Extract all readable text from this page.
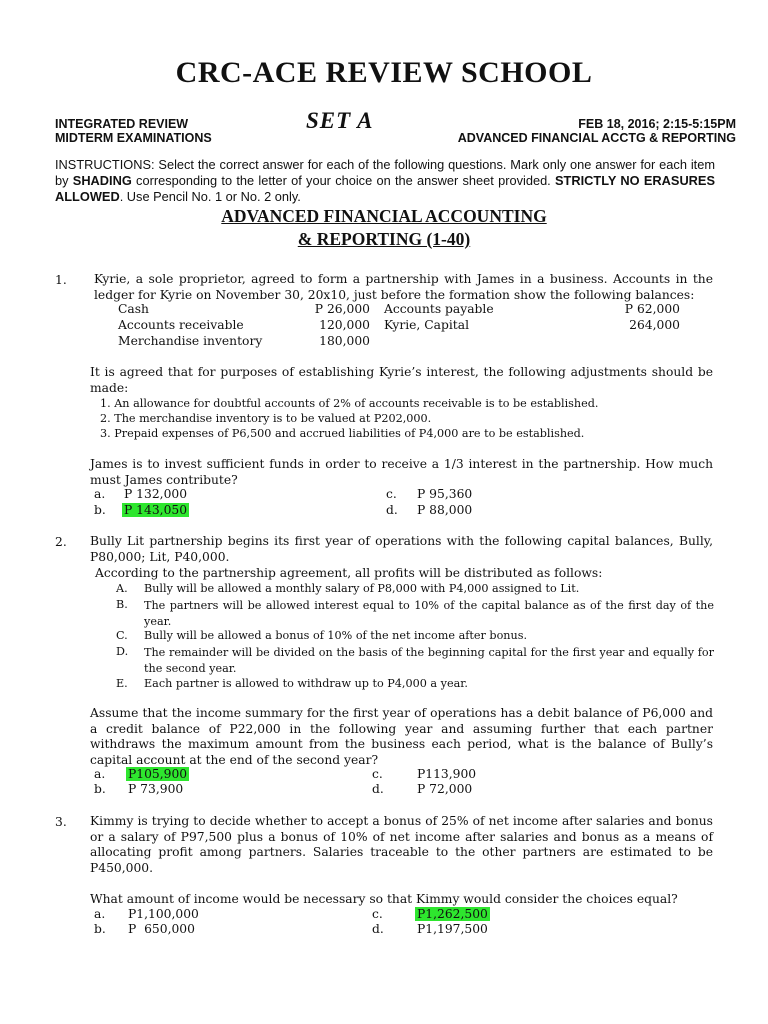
CRC-ACE REVIEW SCHOOL
INTEGRATED REVIEW
MIDTERM EXAMINATIONS
SET A	FEB 18, 2016; 2:15-5:15PM
ADVANCED FINANCIAL ACCTG & REPORTING
INSTRUCTIONS: Select the correct answer for each of the following questions. Mark only one answer for each item by SHADING corresponding to the letter of your choice on the answer sheet provided. STRICTLY NO ERASURES ALLOWED. Use Pencil No. 1 or No. 2 only.
ADVANCED FINANCIAL ACCOUNTING
& REPORTING (1-40)
1. Kyrie, a sole proprietor, agreed to form a partnership with James in a business. Accounts in the ledger for Kyrie on November 30, 20x10, just before the formation show the following balances:
Cash	P 26,000 Accounts payable	P 62,000
Accounts receivable	120,000 Kyrie, Capital	264,000
Merchandise inventory	180,000
It is agreed that for purposes of establishing Kyrie’s interest, the following adjustments should be made:
1. An allowance for doubtful accounts of 2% of accounts receivable is to be established.
2. The merchandise inventory is to be valued at P202,000.
3. Prepaid expenses of P6,500 and accrued liabilities of P4,000 are to be established.
James is to invest sufficient funds in order to receive a 1/3 interest in the partnership. How much must James contribute?
a. P 132,000	c. P 95,360
b. P 143,050	d. P 88,000
2. Bully Lit partnership begins its first year of operations with the following capital balances, Bully, P80,000; Lit, P40,000.
According to the partnership agreement, all profits will be distributed as follows:
A. Bully will be allowed a monthly salary of P8,000 with P4,000 assigned to Lit.
B. The partners will be allowed interest equal to 10% of the capital balance as of the first day of the year.
C. Bully will be allowed a bonus of 10% of the net income after bonus.
D. The remainder will be divided on the basis of the beginning capital for the first year and equally for the second year.
E. Each partner is allowed to withdraw up to P4,000 a year.
Assume that the income summary for the first year of operations has a debit balance of P6,000 and a credit balance of P22,000 in the following year and assuming further that each partner withdraws the maximum amount from the business each period, what is the balance of Bully’s capital account at the end of the second year?
a. P105,900	c.	P113,900
b. P 73,900	d.	P 72,000
3. Kimmy is trying to decide whether to accept a bonus of 25% of net income after salaries and bonus or a salary of P97,500 plus a bonus of 10% of net income after salaries and bonus as a means of allocating profit among partners. Salaries traceable to the other partners are estimated to be P450,000.
What amount of income would be necessary so that Kimmy would consider the choices equal?
a. P1,100,000	c.	P1,262,500
b. P  650,000	d.	P1,197,500
